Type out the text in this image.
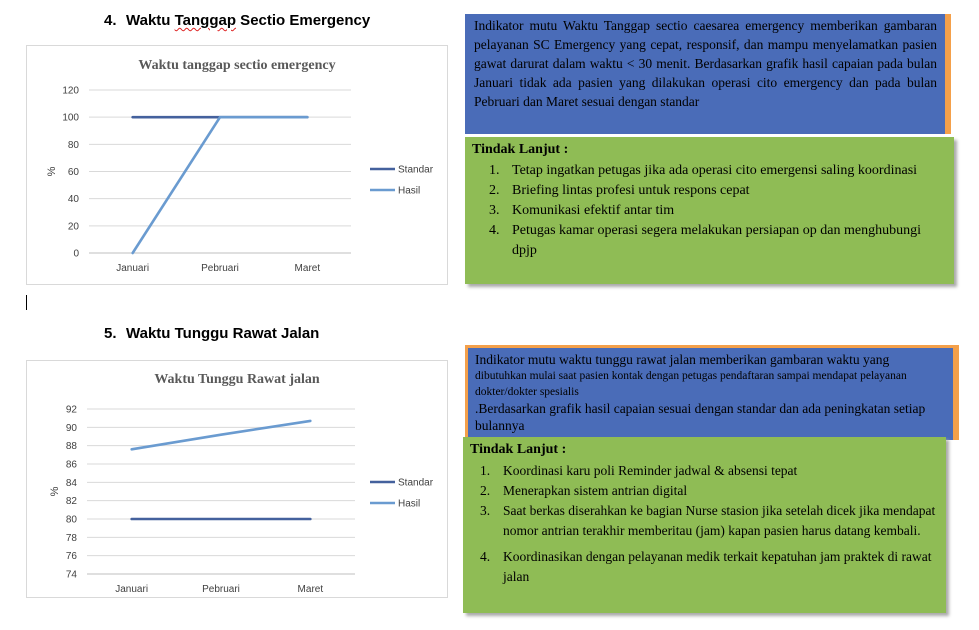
4. Waktu Tanggap Sectio Emergency
Waktu tanggap sectio emergency
0
20
40
60
80
100
120
%
Januari	Pebruari	Maret
Standar
Hasil
Indikator mutu Waktu Tanggap sectio caesarea emergency memberikan gambaran pelayanan SC Emergency yang cepat, responsif, dan mampu menyelamatkan pasien gawat darurat dalam waktu < 30 menit. Berdasarkan grafik hasil capaian pada bulan Januari tidak ada pasien yang dilakukan operasi cito emergency dan pada bulan Pebruari dan Maret sesuai dengan standar
Tindak Lanjut :
1. Tetap ingatkan petugas jika ada operasi cito emergensi saling koordinasi
2. Briefing lintas profesi untuk respons cepat
3. Komunikasi efektif antar tim
4. Petugas kamar operasi segera melakukan persiapan op dan menghubungi dpjp
5. Waktu Tunggu Rawat Jalan
Waktu Tunggu Rawat jalan
74
76
78
80
82
84
86
88
90
92
%
Januari	Pebruari	Maret
Standar
Hasil
Indikator mutu waktu tunggu rawat jalan memberikan gambaran waktu yang
dibutuhkan mulai saat pasien kontak dengan petugas pendaftaran sampai mendapat pelayanan dokter/dokter spesialis
.Berdasarkan grafik hasil capaian sesuai dengan standar dan ada peningkatan setiap bulannya
Tindak Lanjut :
1. Koordinasi karu poli Reminder jadwal & absensi tepat
2. Menerapkan sistem antrian digital
3. Saat berkas diserahkan ke bagian Nurse stasion jika setelah dicek jika mendapat nomor antrian terakhir memberitau (jam) kapan pasien harus datang kembali.
4. Koordinasikan dengan pelayanan medik terkait kepatuhan jam praktek di rawat jalan
